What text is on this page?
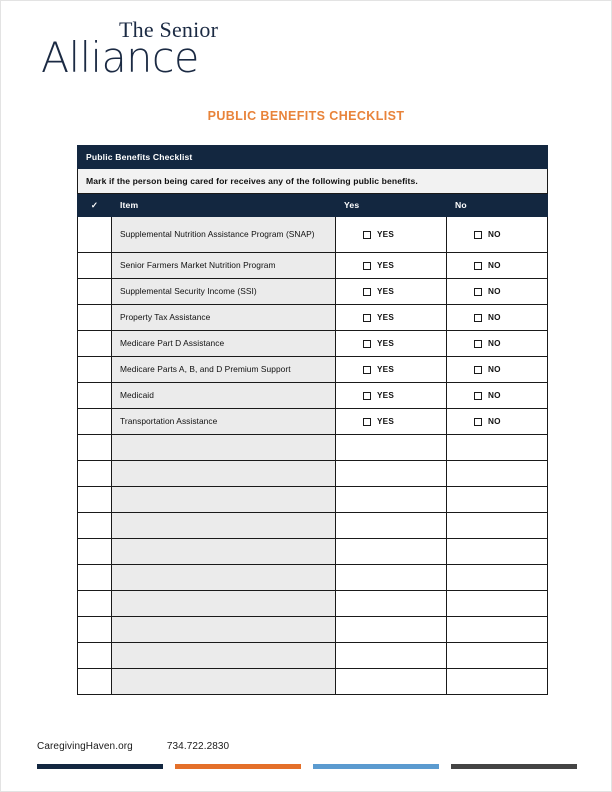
The Senior
Alliance
PUBLIC BENEFITS CHECKLIST
Public Benefits Checklist			
Mark if the person being cared for receives any of the following public benefits.			
✓	Item	Yes	No
	Supplemental Nutrition Assistance Program (SNAP)	YES	NO

	Senior Farmers Market Nutrition Program	YES	NO

	Supplemental Security Income (SSI)	YES	NO

	Property Tax Assistance	YES	NO

	Medicare Part D Assistance	YES	NO

	Medicare Parts A, B, and D Premium Support	YES	NO

	Medicaid	YES	NO

	Transportation Assistance	YES	NO

CaregivingHaven.org	734.722.2830
